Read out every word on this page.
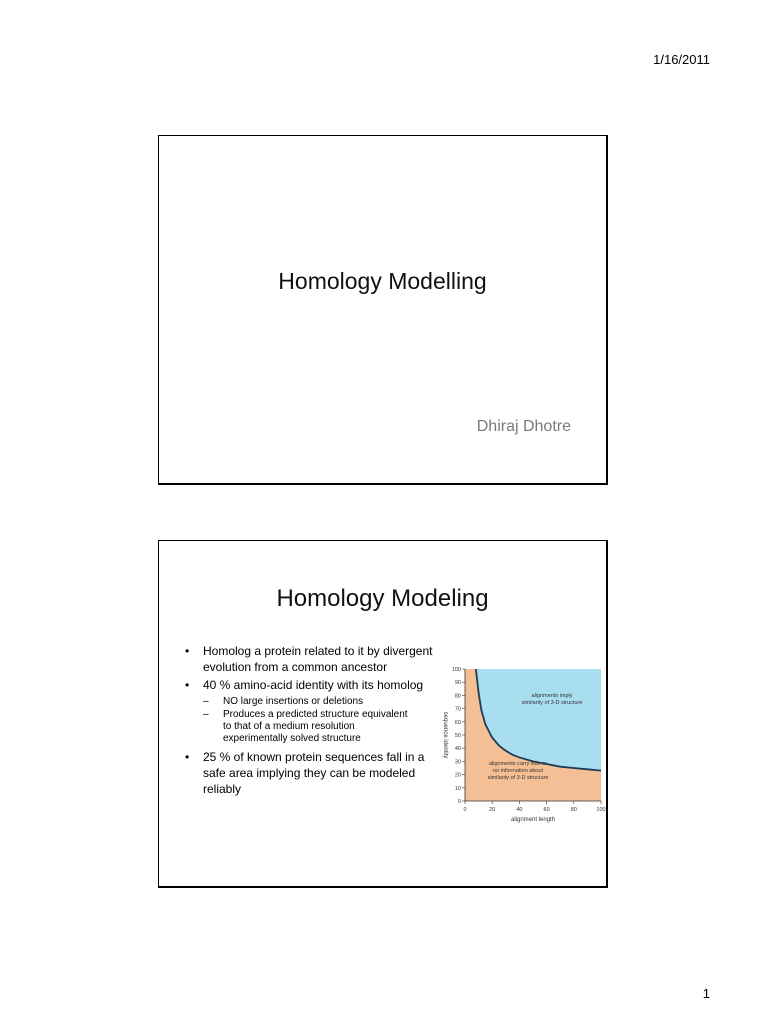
1/16/2011
Homology Modelling
Dhiraj Dhotre
Homology Modeling
• Homolog a protein related to it by divergent evolution from a common ancestor
• 40 % amino-acid identity with its homolog
– NO large insertions or deletions
– Produces a predicted structure equivalent
to that of a medium resolution
experimentally solved structure
• 25 % of known protein sequences fall in a safe area implying they can be modeled reliably
0
10
20
30
40
50
60
70
80
90
100
0	20	40	60	80	100
alignment length
sequence identity
alignments imply
similarity of 3-D structure
alignments carry little or
no information about
similarity of 3-D structure
1
